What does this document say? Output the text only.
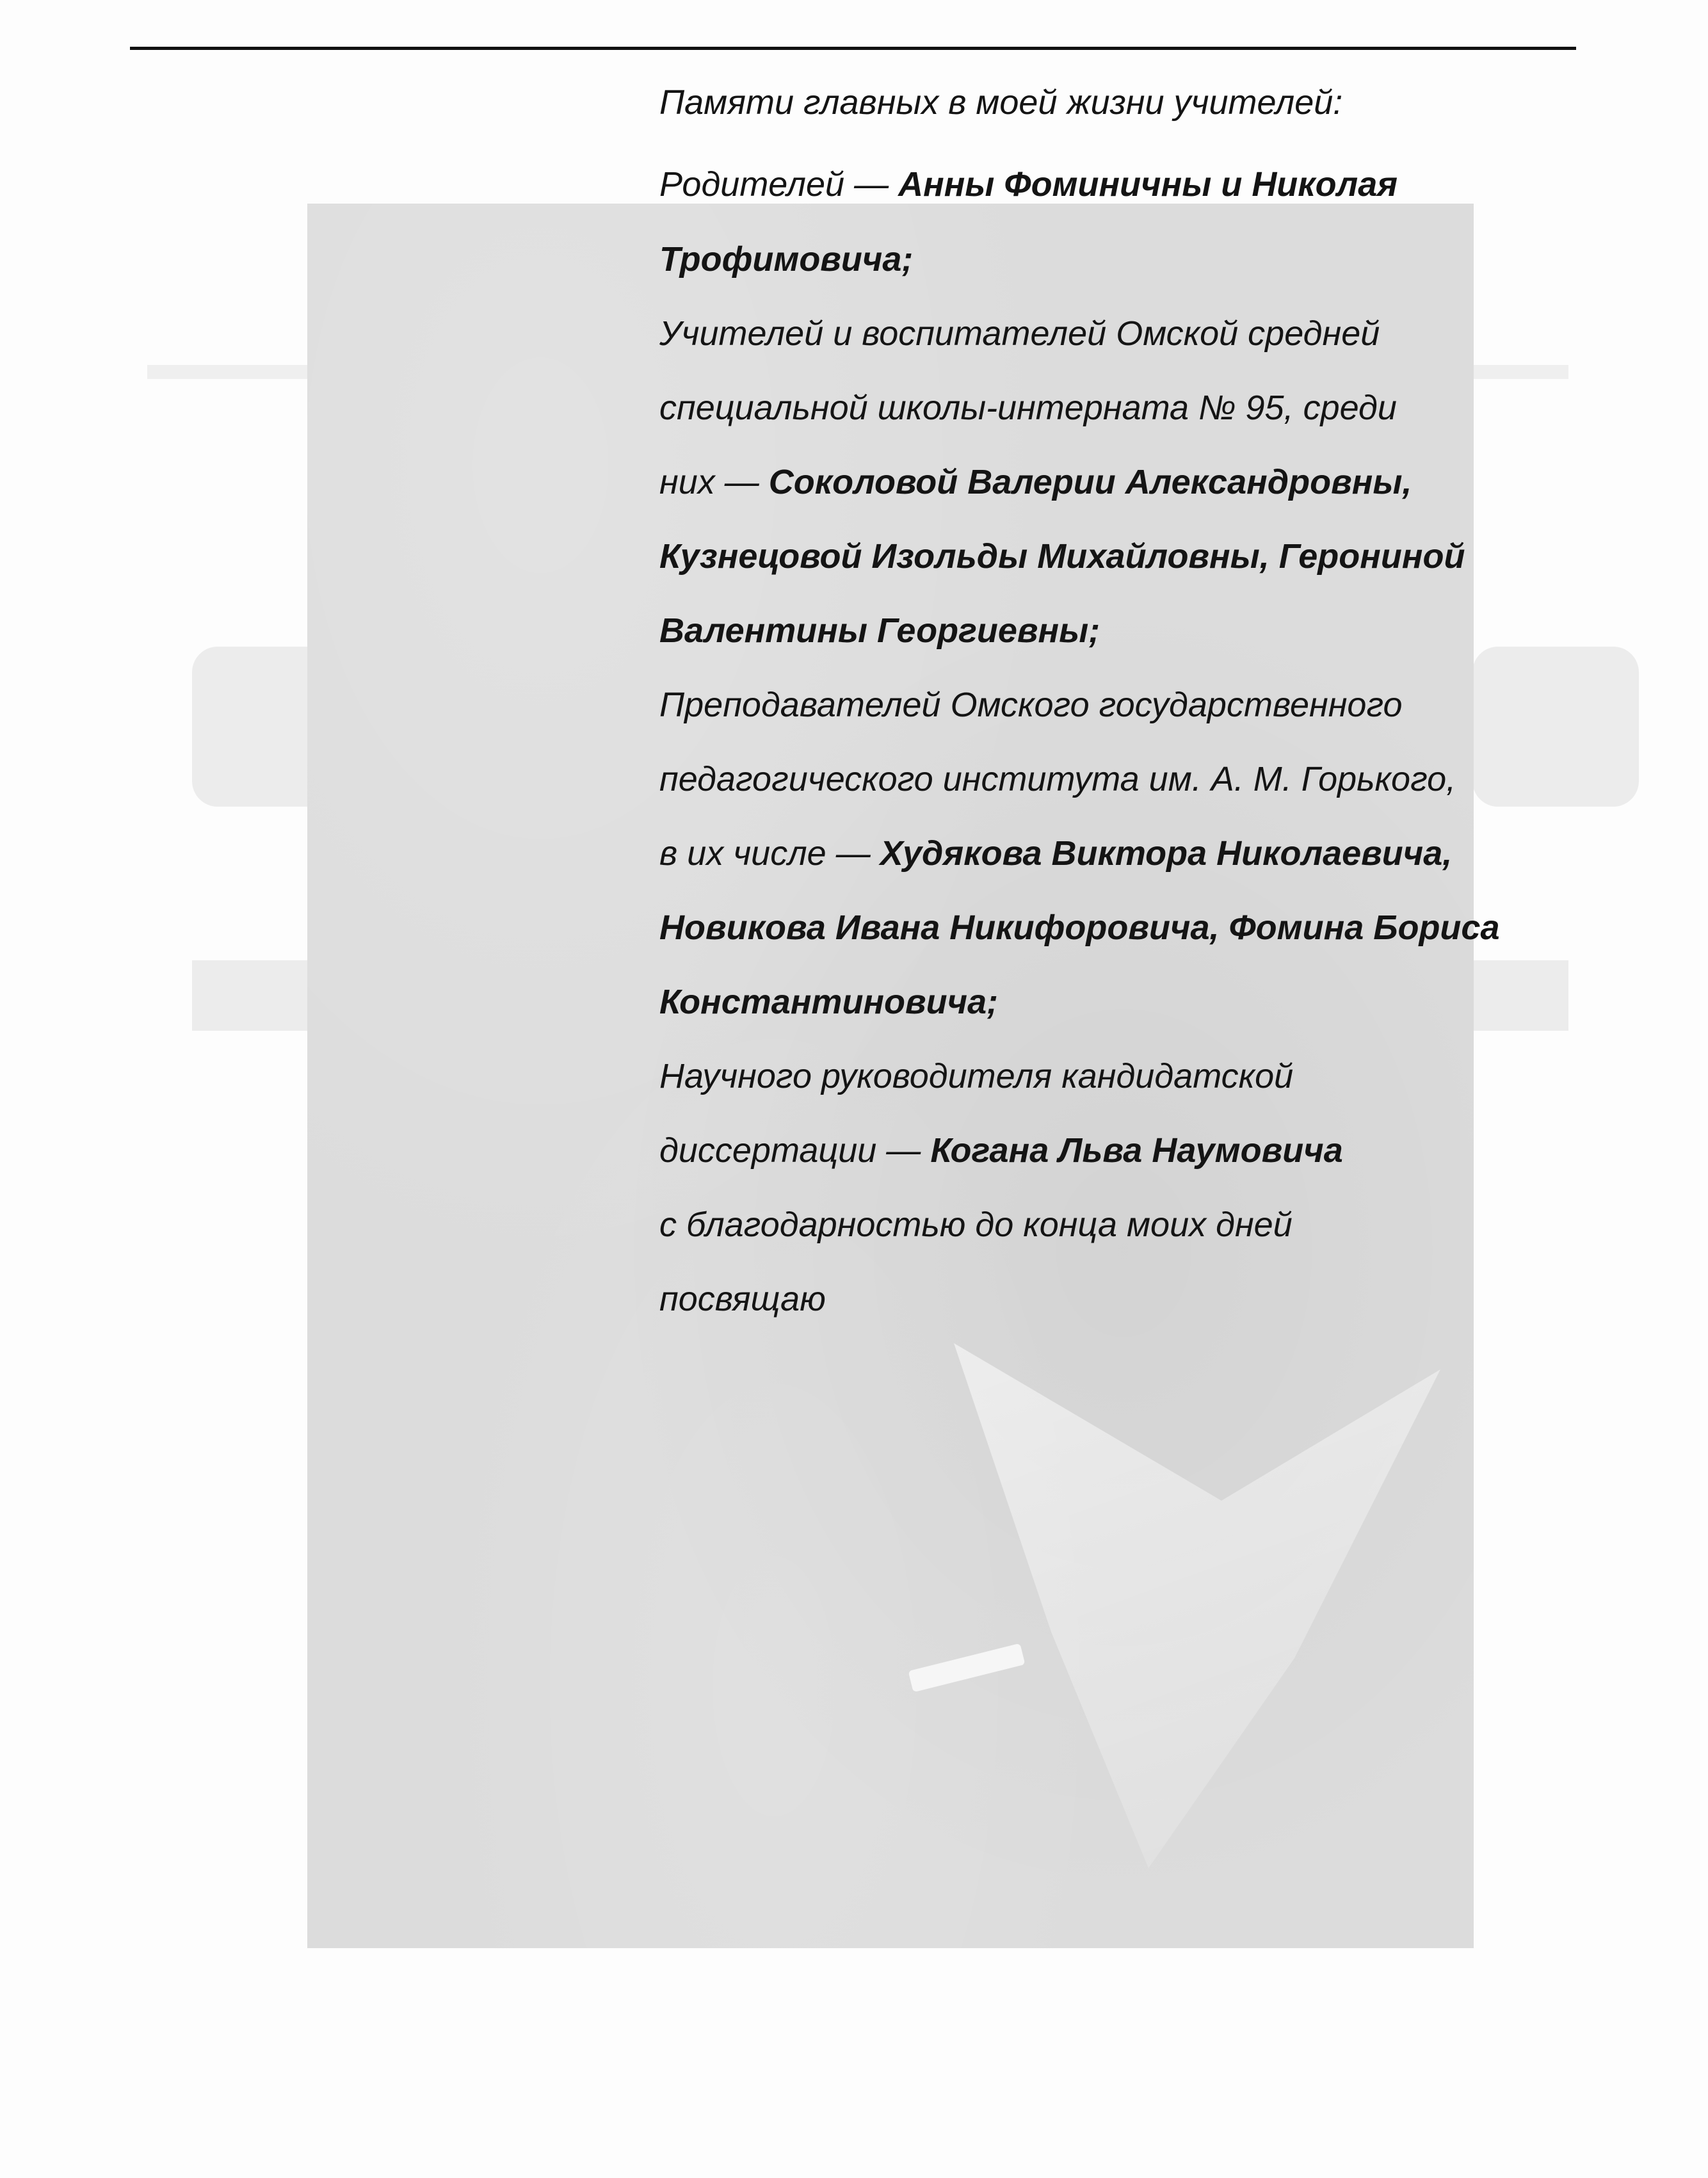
Памяти главных в моей жизни учителей:
Родителей — Анны Фоминичны и Николая
Трофимовича;
Учителей и воспитателей Омской средней
специальной школы-интерната № 95, среди
них — Соколовой Валерии Александровны,
Кузнецовой Изольды Михайловны, Герониной
Валентины Георгиевны;
Преподавателей Омского государственного
педагогического института им. А. М. Горького,
в их числе — Худякова Виктора Николаевича,
Новикова Ивана Никифоровича, Фомина Бориса
Константиновича;
Научного руководителя кандидатской
диссертации — Когана Льва Наумовича
с благодарностью до конца моих дней
посвящаю
